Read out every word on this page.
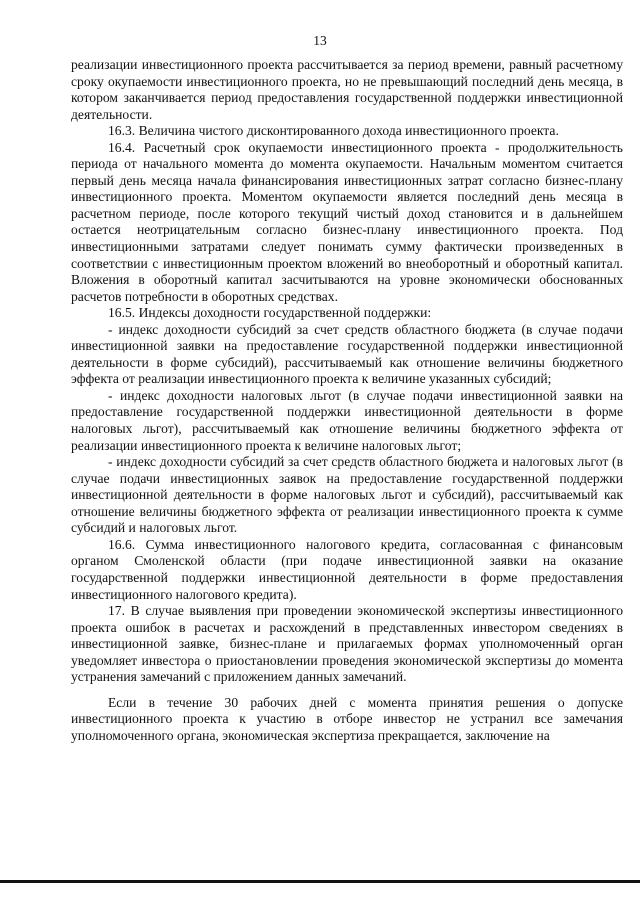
13

реализации инвестиционного проекта рассчитывается за период времени, равный расчетному сроку окупаемости инвестиционного проекта, но не превышающий последний день месяца, в котором заканчивается период предоставления государственной поддержки инвестиционной деятельности.

16.3. Величина чистого дисконтированного дохода инвестиционного проекта.

16.4. Расчетный срок окупаемости инвестиционного проекта - продолжительность периода от начального момента до момента окупаемости. Начальным моментом считается первый день месяца начала финансирования инвестиционных затрат согласно бизнес-плану инвестиционного проекта. Моментом окупаемости является последний день месяца в расчетном периоде, после которого текущий чистый доход становится и в дальнейшем остается неотрицательным согласно бизнес-плану инвестиционного проекта. Под инвестиционными затратами следует понимать сумму фактически произведенных в соответствии с инвестиционным проектом вложений во внеоборотный и оборотный капитал. Вложения в оборотный капитал засчитываются на уровне экономически обоснованных расчетов потребности в оборотных средствах.

16.5. Индексы доходности государственной поддержки:

- индекс доходности субсидий за счет средств областного бюджета (в случае подачи инвестиционной заявки на предоставление государственной поддержки инвестиционной деятельности в форме субсидий), рассчитываемый как отношение величины бюджетного эффекта от реализации инвестиционного проекта к величине указанных субсидий;

- индекс доходности налоговых льгот (в случае подачи инвестиционной заявки на предоставление государственной поддержки инвестиционной деятельности в форме налоговых льгот), рассчитываемый как отношение величины бюджетного эффекта от реализации инвестиционного проекта к величине налоговых льгот;

- индекс доходности субсидий за счет средств областного бюджета и налоговых льгот (в случае подачи инвестиционных заявок на предоставление государственной поддержки инвестиционной деятельности в форме налоговых льгот и субсидий), рассчитываемый как отношение величины бюджетного эффекта от реализации инвестиционного проекта к сумме субсидий и налоговых льгот.

16.6. Сумма инвестиционного налогового кредита, согласованная с финансовым органом Смоленской области (при подаче инвестиционной заявки на оказание государственной поддержки инвестиционной деятельности в форме предоставления инвестиционного налогового кредита).

17. В случае выявления при проведении экономической экспертизы инвестиционного проекта ошибок в расчетах и расхождений в представленных инвестором сведениях в инвестиционной заявке, бизнес-плане и прилагаемых формах уполномоченный орган уведомляет инвестора о приостановлении проведения экономической экспертизы до момента устранения замечаний с приложением данных замечаний.

Если в течение 30 рабочих дней с момента принятия решения о допуске инвестиционного проекта к участию в отборе инвестор не устранил все замечания уполномоченного органа, экономическая экспертиза прекращается, заключение на
